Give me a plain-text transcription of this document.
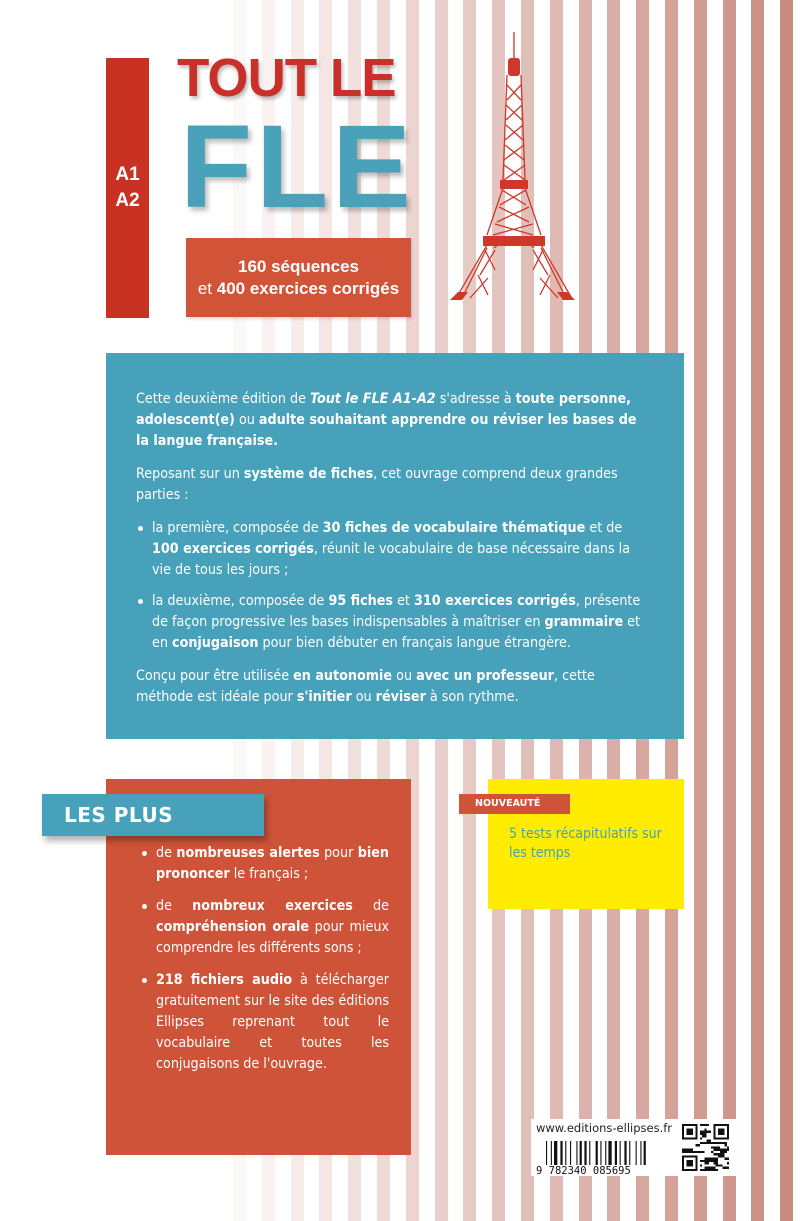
A1
A2
TOUT LE
FLE
160 séquences
et 400 exercices corrigés

Cette deuxième édition de Tout le FLE A1-A2 s'adresse à toute personne, adolescent(e) ou adulte souhaitant apprendre ou réviser les bases de la langue française.

Reposant sur un système de fiches, cet ouvrage comprend deux grandes parties :

la première, composée de 30 fiches de vocabulaire thématique et de 100 exercices corrigés, réunit le vocabulaire de base nécessaire dans la vie de tous les jours ;
la deuxième, composée de 95 fiches et 310 exercices corrigés, présente de façon progressive les bases indispensables à maîtriser en grammaire et en conjugaison pour bien débuter en français langue étrangère.

Conçu pour être utilisée en autonomie ou avec un professeur, cette méthode est idéale pour s'initier ou réviser à son rythme.

de nombreuses alertes pour bien prononcer le français ;
de nombreux exercices de compréhension orale pour mieux comprendre les différents sons ;
218 fichiers audio à télécharger gratuitement sur le site des éditions Ellipses reprenant tout le vocabulaire et toutes les conjugaisons de l'ouvrage.
LES PLUS	NOUVEAUTÉ
5 tests récapitulatifs sur les temps
www.editions-ellipses.fr
9 782340 085695
